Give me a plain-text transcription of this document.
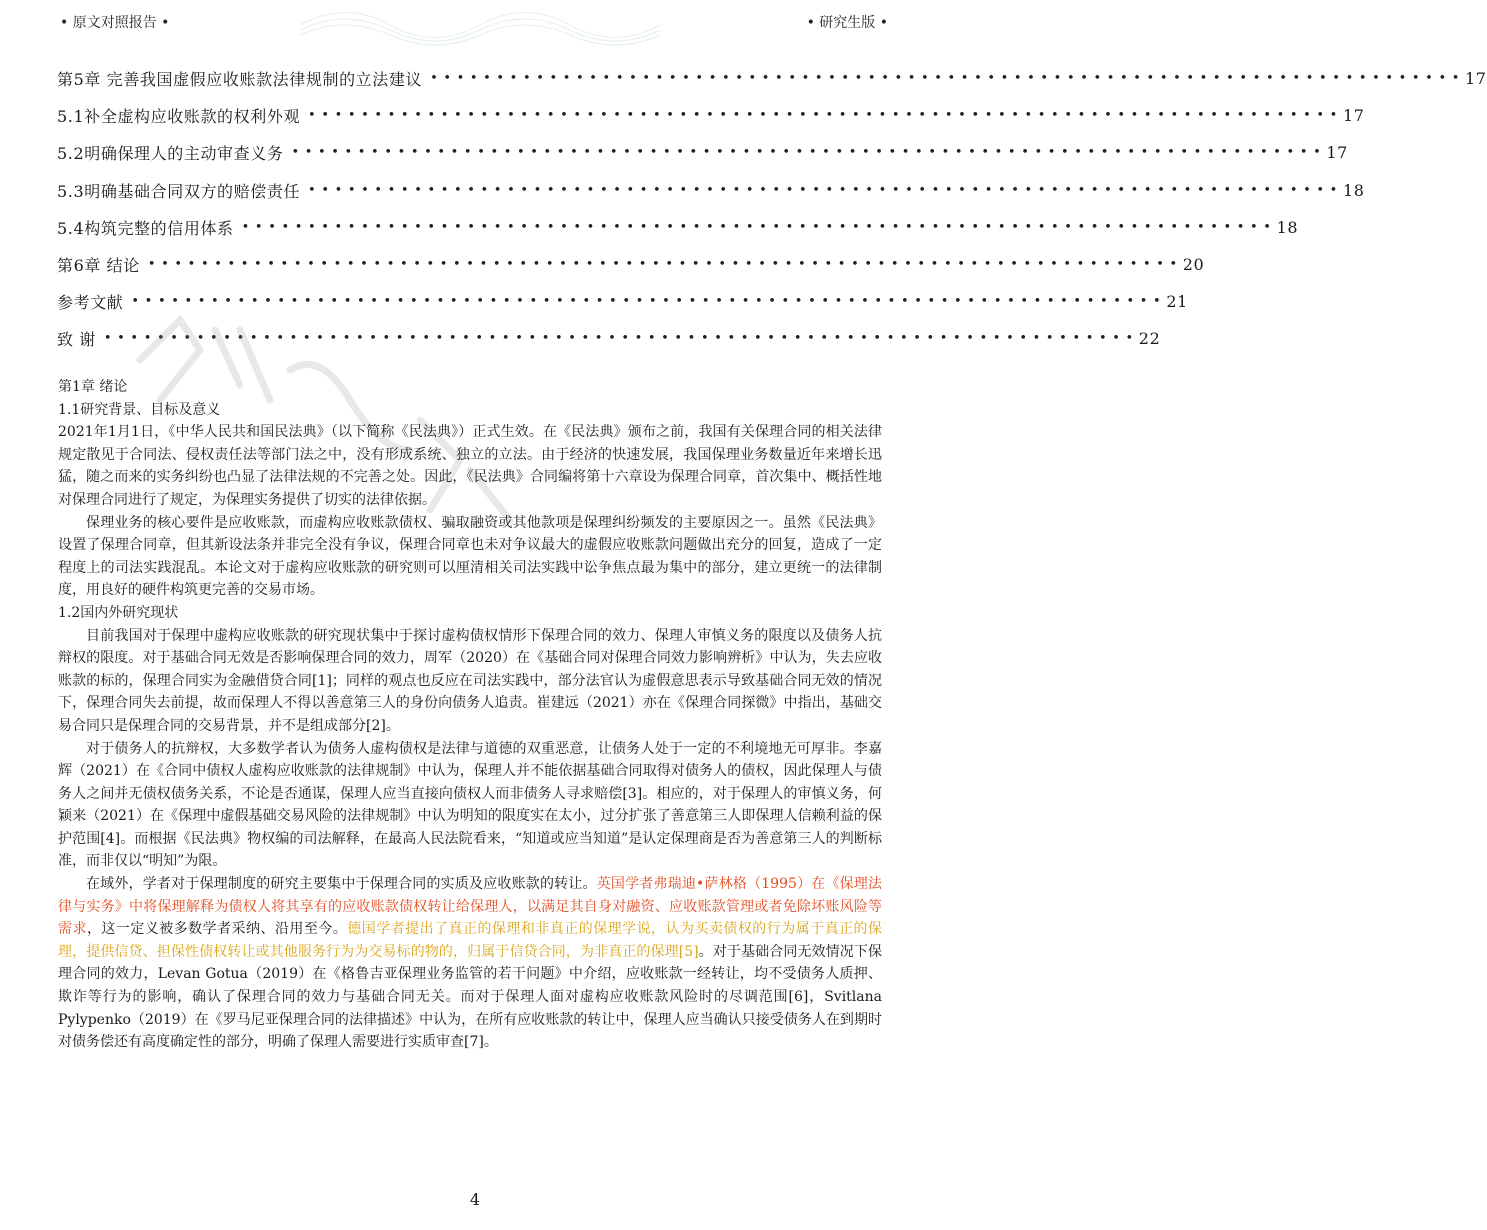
• 原文对照报告 •	• 研究生版 •
第5章 完善我国虚假应收账款法律规制的立法建议 •••••••••••••••••••••••••••••••••••••••••••••••••••••••••••••••••••••••••••••• 17
5.1补全虚构应收账款的权利外观 •••••••••••••••••••••••••••••••••••••••••••••••••••••••••••••••••••••••••••••• 17
5.2明确保理人的主动审查义务 •••••••••••••••••••••••••••••••••••••••••••••••••••••••••••••••••••••••••••••• 17
5.3明确基础合同双方的赔偿责任 •••••••••••••••••••••••••••••••••••••••••••••••••••••••••••••••••••••••••••••• 18
5.4构筑完整的信用体系 •••••••••••••••••••••••••••••••••••••••••••••••••••••••••••••••••••••••••••••• 18
第6章 结论 •••••••••••••••••••••••••••••••••••••••••••••••••••••••••••••••••••••••••••••• 20
参考文献 •••••••••••••••••••••••••••••••••••••••••••••••••••••••••••••••••••••••••••••• 21
致 谢 •••••••••••••••••••••••••••••••••••••••••••••••••••••••••••••••••••••••••••••• 22

第1章 绪论

1.1研究背景、目标及意义

2021年1月1日，《中华人民共和国民法典》（以下简称《民法典》）正式生效。在《民法典》颁布之前，我国有关保理合同的相关法律规定散见于合同法、侵权责任法等部门法之中，没有形成系统、独立的立法。由于经济的快速发展，我国保理业务数量近年来增长迅猛，随之而来的实务纠纷也凸显了法律法规的不完善之处。因此，《民法典》合同编将第十六章设为保理合同章，首次集中、概括性地对保理合同进行了规定，为保理实务提供了切实的法律依据。

保理业务的核心要件是应收账款，而虚构应收账款债权、骗取融资或其他款项是保理纠纷频发的主要原因之一。虽然《民法典》设置了保理合同章，但其新设法条并非完全没有争议，保理合同章也未对争议最大的虚假应收账款问题做出充分的回复，造成了一定程度上的司法实践混乱。本论文对于虚构应收账款的研究则可以厘清相关司法实践中讼争焦点最为集中的部分，建立更统一的法律制度，用良好的硬件构筑更完善的交易市场。

1.2国内外研究现状

目前我国对于保理中虚构应收账款的研究现状集中于探讨虚构债权情形下保理合同的效力、保理人审慎义务的限度以及债务人抗辩权的限度。对于基础合同无效是否影响保理合同的效力，周军（2020）在《基础合同对保理合同效力影响辨析》中认为，失去应收账款的标的，保理合同实为金融借贷合同[1]；同样的观点也反应在司法实践中，部分法官认为虚假意思表示导致基础合同无效的情况下，保理合同失去前提，故而保理人不得以善意第三人的身份向债务人追责。崔建远（2021）亦在《保理合同探微》中指出，基础交易合同只是保理合同的交易背景，并不是组成部分[2]。

对于债务人的抗辩权，大多数学者认为债务人虚构债权是法律与道德的双重恶意，让债务人处于一定的不利境地无可厚非。李嘉辉（2021）在《合同中债权人虚构应收账款的法律规制》中认为，保理人并不能依据基础合同取得对债务人的债权，因此保理人与债务人之间并无债权债务关系，不论是否通谋，保理人应当直接向债权人而非债务人寻求赔偿[3]。相应的，对于保理人的审慎义务，何颖来（2021）在《保理中虚假基础交易风险的法律规制》中认为明知的限度实在太小，过分扩张了善意第三人即保理人信赖利益的保护范围[4]。而根据《民法典》物权编的司法解释，在最高人民法院看来，“知道或应当知道”是认定保理商是否为善意第三人的判断标准，而非仅以“明知”为限。

在域外，学者对于保理制度的研究主要集中于保理合同的实质及应收账款的转让。英国学者弗瑞迪•萨林格（1995）在《保理法律与实务》中将保理解释为债权人将其享有的应收账款债权转让给保理人，以满足其自身对融资、应收账款管理或者免除坏账风险等需求，这一定义被多数学者采纳、沿用至今。德国学者提出了真正的保理和非真正的保理学说，认为买卖债权的行为属于真正的保理，提供信贷、担保性债权转让或其他服务行为为交易标的物的，归属于信贷合同，为非真正的保理[5]。对于基础合同无效情况下保理合同的效力，Levan Gotua（2019）在《格鲁吉亚保理业务监管的若干问题》中介绍，应收账款一经转让，均不受债务人质押、欺诈等行为的影响，确认了保理合同的效力与基础合同无关。而对于保理人面对虚构应收账款风险时的尽调范围[6]，Svitlana Pylypenko（2019）在《罗马尼亚保理合同的法律描述》中认为，在所有应收账款的转让中，保理人应当确认只接受债务人在到期时对债务偿还有高度确定性的部分，明确了保理人需要进行实质审查[7]。

4
